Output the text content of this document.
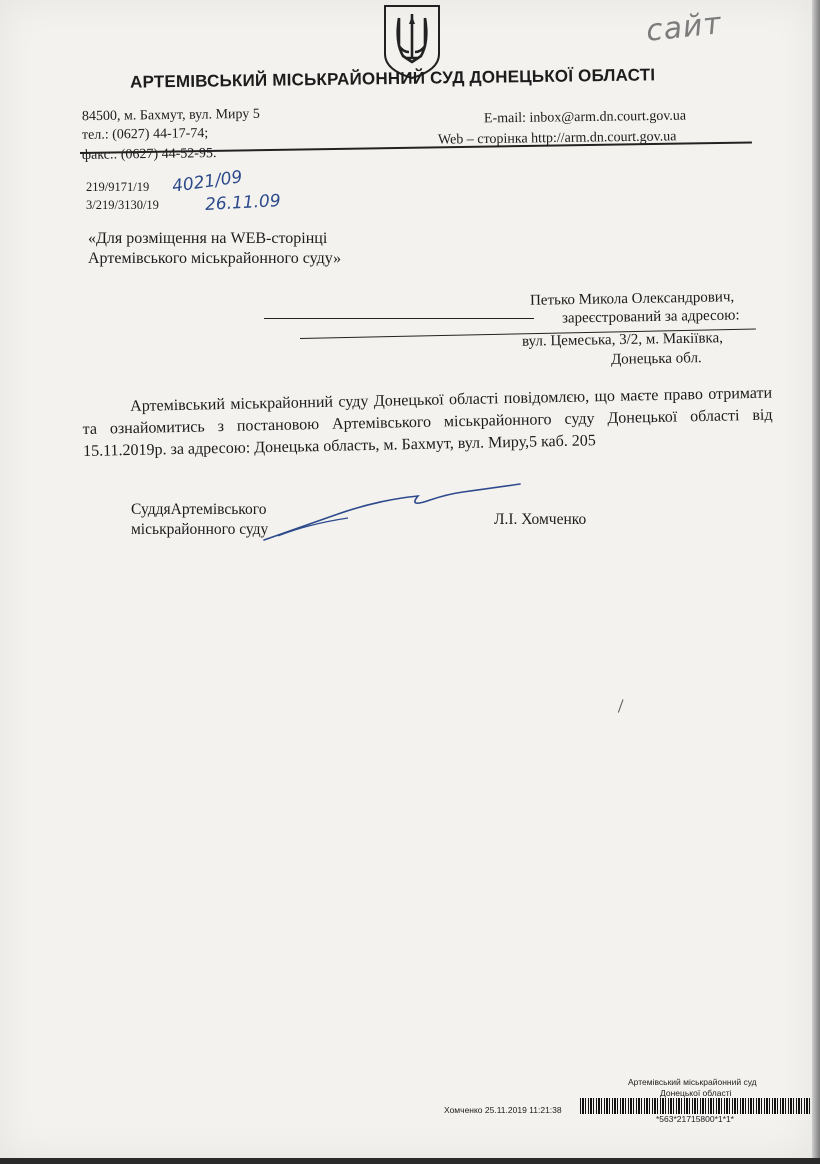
сайт
АРТЕМІВСЬКИЙ МІСЬКРАЙОННИЙ СУД ДОНЕЦЬКОЇ ОБЛАСТІ
84500, м. Бахмут, вул. Миру 5
тел.: (0627) 44-17-74;
факс.: (0627) 44-52-95.
E-mail: inbox@arm.dn.court.gov.ua
Web – сторінка http://arm.dn.court.gov.ua
219/9171/19
3/219/3130/19
4021/09
26.11.09
«Для розміщення на WEB-сторінці
Артемівського міськрайонного суду»
Петько Микола Олександрович,
зареєстрований за адресою:
вул. Цемеська, 3/2, м. Макіївка,
Донецька обл.
Артемівський міськрайонний суду Донецької області повідомлєю, що маєте право отримати та ознайомитись з постановою Артемівського міськрайонного суду Донецької області від 15.11.2019р. за адресою: Донецька область, м. Бахмут, вул. Миру,5 каб. 205
СуддяАртемівського
міськрайонного суду
Л.І. Хомченко
Артемівський міськрайонний суд
Донецької області
Хомченко 25.11.2019 11:21:38
*563*21715800*1*1*
